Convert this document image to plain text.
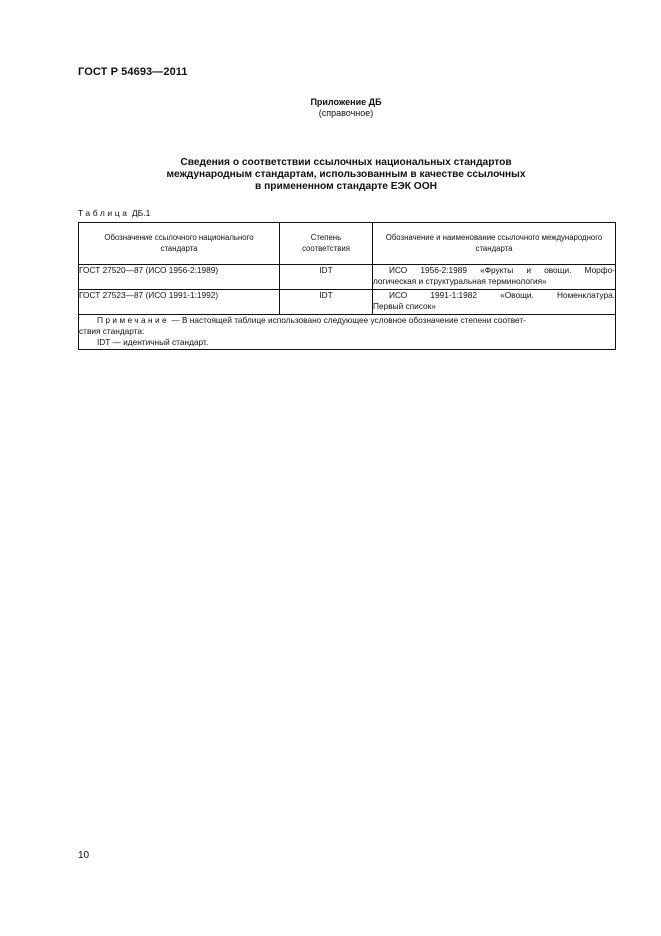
ГОСТ Р 54693—2011
Приложение ДБ
(справочное)
Сведения о соответствии ссылочных национальных стандартов
международным стандартам, использованным в качестве ссылочных
в примененном стандарте ЕЭК ООН
Таблица ДБ.1
Обозначение ссылочного национального стандарта	Степень соответствия	Обозначение и наименование ссылочного международного стандарта
ГОСТ 27520—87 (ИСО 1956-2:1989)	IDT	ИСО 1956-2:1989 «Фрукты и овощи. Морфо-
логическая и структуральная терминология»

ГОСТ 27523—87 (ИСО 1991-1:1992)	IDT	ИСО 1991-1:1982 «Овощи. Номенклатура.
Первый список»

Примечание — В настоящей таблице использовано следующее условное обозначение степени соответ-
ствия стандарта:
IDT — идентичный стандарт.		
10
